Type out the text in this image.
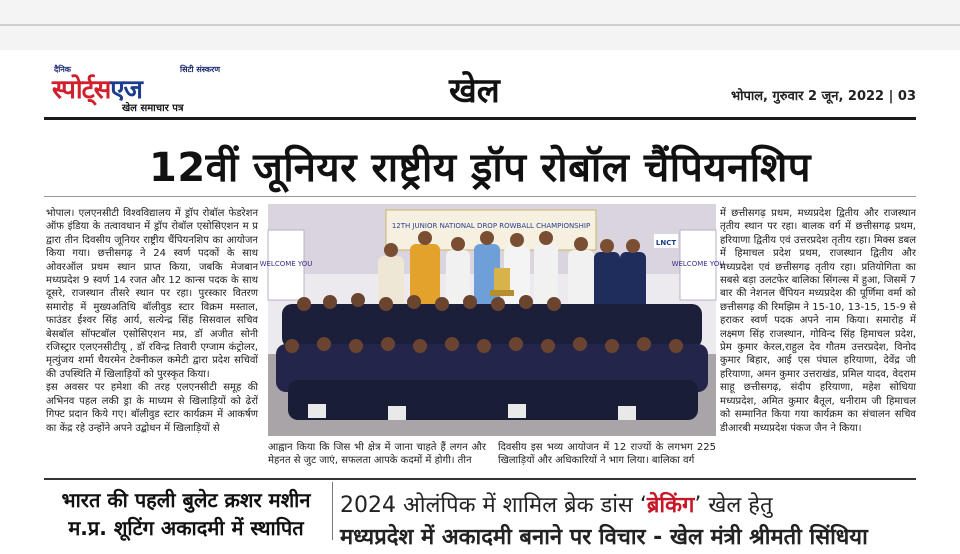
दैनिक	सिटी संस्करण
स्पोर्ट्सएज
खेल समाचार पत्र	खेल	भोपाल, गुरुवार 2 जून, 2022 | 03
12वीं जूनियर राष्ट्रीय ड्रॉप रोबॉल चैंपियनशिप

भोपाल। एलएनसीटी विश्वविद्यालय में ड्रॉप रोबॉल फेडरेशन ऑफ इंडिया के तत्वावधान में ड्रॉप रोबॉल एसोसिएशन म प्र द्वारा तीन दिवसीय जूनियर राष्ट्रीय चैंपियनशिप का आयोजन किया गया। छत्तीसगढ़ ने 24 स्वर्ण पदकों के साथ ओवरऑल प्रथम स्थान प्राप्त किया, जबकि मेजबान मध्यप्रदेश 9 स्वर्ण 14 रजत और 12 कान्स पदक के साथ दूसरे, राजस्थान तीसरे स्थान पर रहा। पुरस्कार वितरण समारोह में मुख्यअतिथि बॉलीवुड स्टार विक्रम मस्ताल, फाउंडर ईश्वर सिंह आर्य, सत्येन्द्र सिंह सिसवाल सचिव बेसबॉल सॉफ्टबॉल एसोसिएशन मप्र, डॉ अजीत सोनी रजिस्ट्रार एलएनसीटीयू , डॉ रविन्द्र तिवारी एग्जाम कंट्रोलर, मृत्युंजय शर्मा चैयरमेन टेक्नीकल कमेटी द्वारा प्रदेश सचिवों की उपस्थिति में खिलाड़ियों को पुरस्कृत किया।

इस अवसर पर हमेशा की तरह एलएनसीटी समूह की अभिनव पहल लकी ड्रा के माध्यम से खिलाड़ियों को ढेरों गिफ्ट प्रदान किये गए। बॉलीवुड स्टार कार्यक्रम में आकर्षण का केंद्र रहे उन्होंने अपने उद्बोधन में खिलाड़ियों से

12TH JUNIOR NATIONAL DROP ROWBALL CHAMPIONSHIP
WELCOME YOU	WELCOME YOU
LNCT
आह्वान किया कि जिस भी क्षेत्र में जाना चाहते हैं लगन और मेहनत से जुट जाएं, सफलता आपके कदमों में होगी। तीन
दिवसीय इस भव्य आयोजन में 12 राज्यों के लगभग 225 खिलाड़ियों और अधिकारियों ने भाग लिया। बालिका वर्ग

में छत्तीसगढ़ प्रथम, मध्यप्रदेश द्वितीय और राजस्थान तृतीय स्थान पर रहा। बालक वर्ग में छत्तीसगढ़ प्रथम, हरियाणा द्वितीय एवं उत्तरप्रदेश तृतीय रहा। मिक्स डबल में हिमाचल प्रदेश प्रथम, राजस्थान द्वितीय और मध्यप्रदेश एवं छत्तीसगढ़ तृतीय रहा। प्रतियोगिता का सबसे बड़ा उलटफेर बालिका सिंगल्स में हुआ, जिसमें 7 बार की नेशनल चैंपियन मध्यप्रदेश की पूर्णिमा वर्मा को छत्तीसगढ़ की रिमझिम ने 15-10, 13-15, 15-9 से हराकर स्वर्ण पदक अपने नाम किया। समारोह में लक्ष्मण सिंह राजस्थान, गोविन्द सिंह हिमाचल प्रदेश, प्रेम कुमार केरल,राहुल देव गौतम उत्तरप्रदेश, विनोद कुमार बिहार, आई एस पंघाल हरियाणा, देवेंद्र जी हरियाणा, अमन कुमार उत्तराखंड, प्रमिल यादव, वेदराम साहू छत्तीसगढ़, संदीप हरियाणा, महेश सोधिया मध्यप्रदेश, अमित कुमार बैतूल, धनीराम जी हिमाचल को सम्मानित किया गया कार्यक्रम का संचालन सचिव डीआरबी मध्यप्रदेश पंकज जैन ने किया।

भारत की पहली बुलेट क्रशर मशीन
म.प्र. शूटिंग अकादमी में स्थापित
2024 ओलंपिक में शामिल ब्रेक डांस ‘ब्रेकिंग’ खेल हेतु
मध्यप्रदेश में अकादमी बनाने पर विचार - खेल मंत्री श्रीमती सिंधिया
